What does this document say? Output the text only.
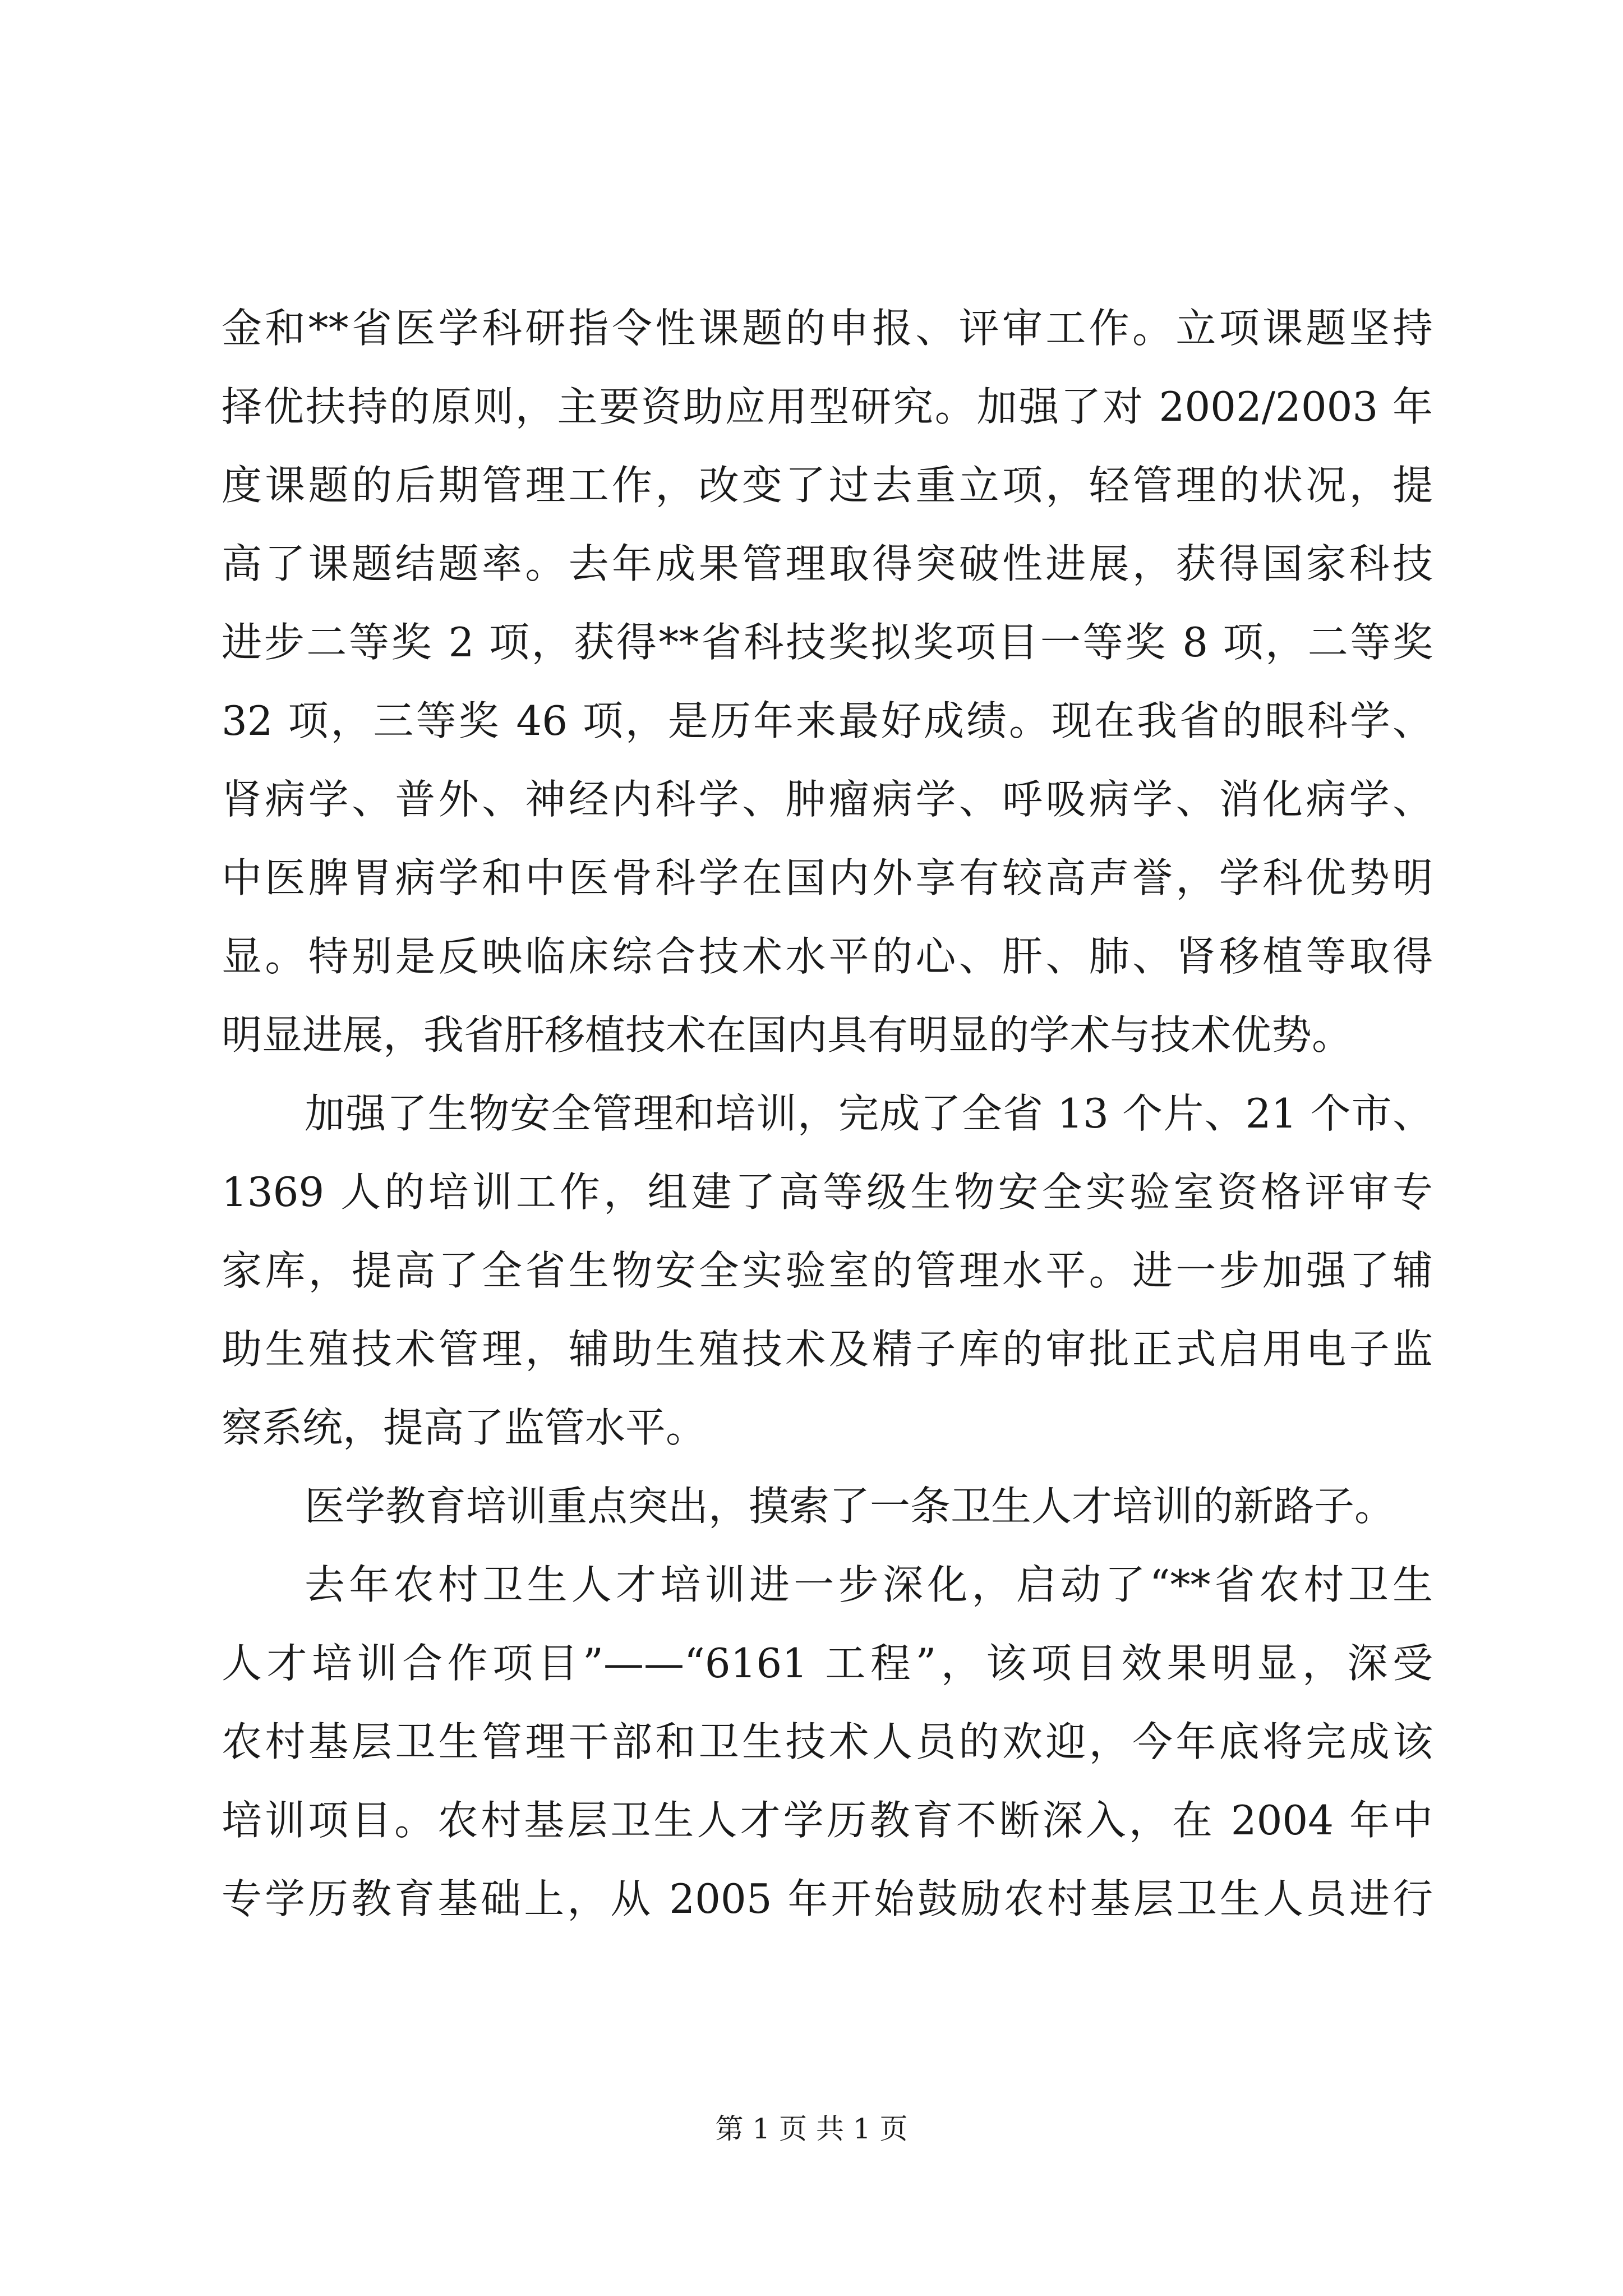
金和**省医学科研指令性课题的申报、评审工作。立项课题坚持
择优扶持的原则，主要资助应用型研究。加强了对 2002/2003 年
度课题的后期管理工作，改变了过去重立项，轻管理的状况，提
高了课题结题率。去年成果管理取得突破性进展，获得国家科技
进步二等奖 2 项，获得**省科技奖拟奖项目一等奖 8 项，二等奖
32 项，三等奖 46 项，是历年来最好成绩。现在我省的眼科学、
肾病学、普外、神经内科学、肿瘤病学、呼吸病学、消化病学、
中医脾胃病学和中医骨科学在国内外享有较高声誉，学科优势明
显。特别是反映临床综合技术水平的心、肝、肺、肾移植等取得
明显进展，我省肝移植技术在国内具有明显的学术与技术优势。
加强了生物安全管理和培训，完成了全省 13 个片、21 个市、
1369 人的培训工作，组建了高等级生物安全实验室资格评审专
家库，提高了全省生物安全实验室的管理水平。进一步加强了辅
助生殖技术管理，辅助生殖技术及精子库的审批正式启用电子监
察系统，提高了监管水平。
医学教育培训重点突出，摸索了一条卫生人才培训的新路子。
去年农村卫生人才培训进一步深化，启动了“**省农村卫生
人才培训合作项目”——“6161 工程”，该项目效果明显，深受
农村基层卫生管理干部和卫生技术人员的欢迎，今年底将完成该
培训项目。农村基层卫生人才学历教育不断深入，在 2004 年中
专学历教育基础上，从 2005 年开始鼓励农村基层卫生人员进行
第 1 页 共 1 页
